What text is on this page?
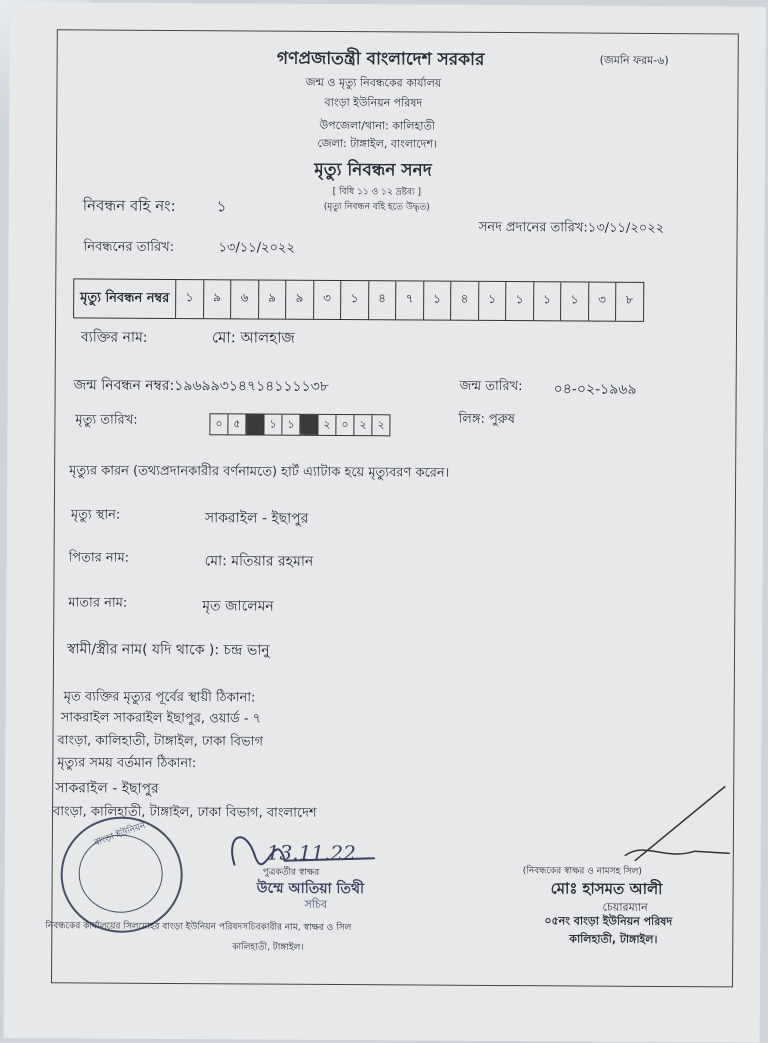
গণপ্রজাতন্ত্রী বাংলাদেশ সরকার	(জমনি ফরম-৬)
জন্ম ও মৃত্যু নিবন্ধকের কার্যালয়
বাংড়া ইউনিয়ন পরিষদ
উপজেলা/থানা: কালিহাতী
জেলা: টাঙ্গাইল, বাংলাদেশ।
মৃত্যু নিবন্ধন সনদ
[ বিধি ১১ ও ১২ দ্রষ্টব্য ]
(মৃত্যু নিবন্ধন বহি হতে উদ্ধৃত)
নিবন্ধন বহি নং:	১
সনদ প্রদানের তারিখ:১৩/১১/২০২২
নিবন্ধনের তারিখ:	১৩/১১/২০২২
মৃত্যু নিবন্ধন নম্বর	১	৯	৬	৯	৯	৩	১	৪	৭	১	৪	১	১	১	১	৩	৮
ব্যক্তির নাম:	মো: আলহাজ
জন্ম নিবন্ধন নম্বর:১৯৬৯৯৩১৪৭১৪১১১১৩৮	জন্ম তারিখ: ০৪-০২-১৯৬৯
মৃত্যু তারিখ:	০ ৫	১ ১	২ ০ ২ ২	লিঙ্গ: পুরুষ
মৃত্যুর কারন (তথ্যপ্রদানকারীর বর্ণনামতে) হার্ট এ্যাটাক হয়ে মৃত্যুবরণ করেন।
মৃত্যু স্থান:	সাকরাইল - ইছাপুর
পিতার নাম:	মো: মতিয়ার রহমান
মাতার নাম:	মৃত জালেমন
স্বামী/স্ত্রীর নাম( যদি থাকে ): চন্দ্র ভানু
মৃত ব্যক্তির মৃত্যুর পূর্বের স্থায়ী ঠিকানা:
সাকরাইল সাকরাইল ইছাপুর, ওয়ার্ড - ৭
বাংড়া, কালিহাতী, টাঙ্গাইল, ঢাকা বিভাগ
মৃত্যুর সময় বর্তমান ঠিকানা:
সাকরাইল - ইছাপুর
বাংড়া, কালিহাতী, টাঙ্গাইল, ঢাকা বিভাগ, বাংলাদেশ
বাংড়া ইউনিয়ন
13.11.22
পুত্রকর্তীর স্বাক্ষর
উম্মে আতিয়া তিথী
সচিব
(নিবন্ধকের স্বাক্ষর ও নামসহ সিল)
মোঃ হাসমত আলী
চেয়ারম্যান
০৫নং বাংড়া ইউনিয়ন পরিষদ
কালিহাতী, টাঙ্গাইল।
নিবন্ধকের কার্যালয়ের সিলমোহর বাংড়া ইউনিয়ন পরিষদসচিবকারীর নাম, স্বাক্ষর ও সিল
কালিহাতী, টাঙ্গাইল।
